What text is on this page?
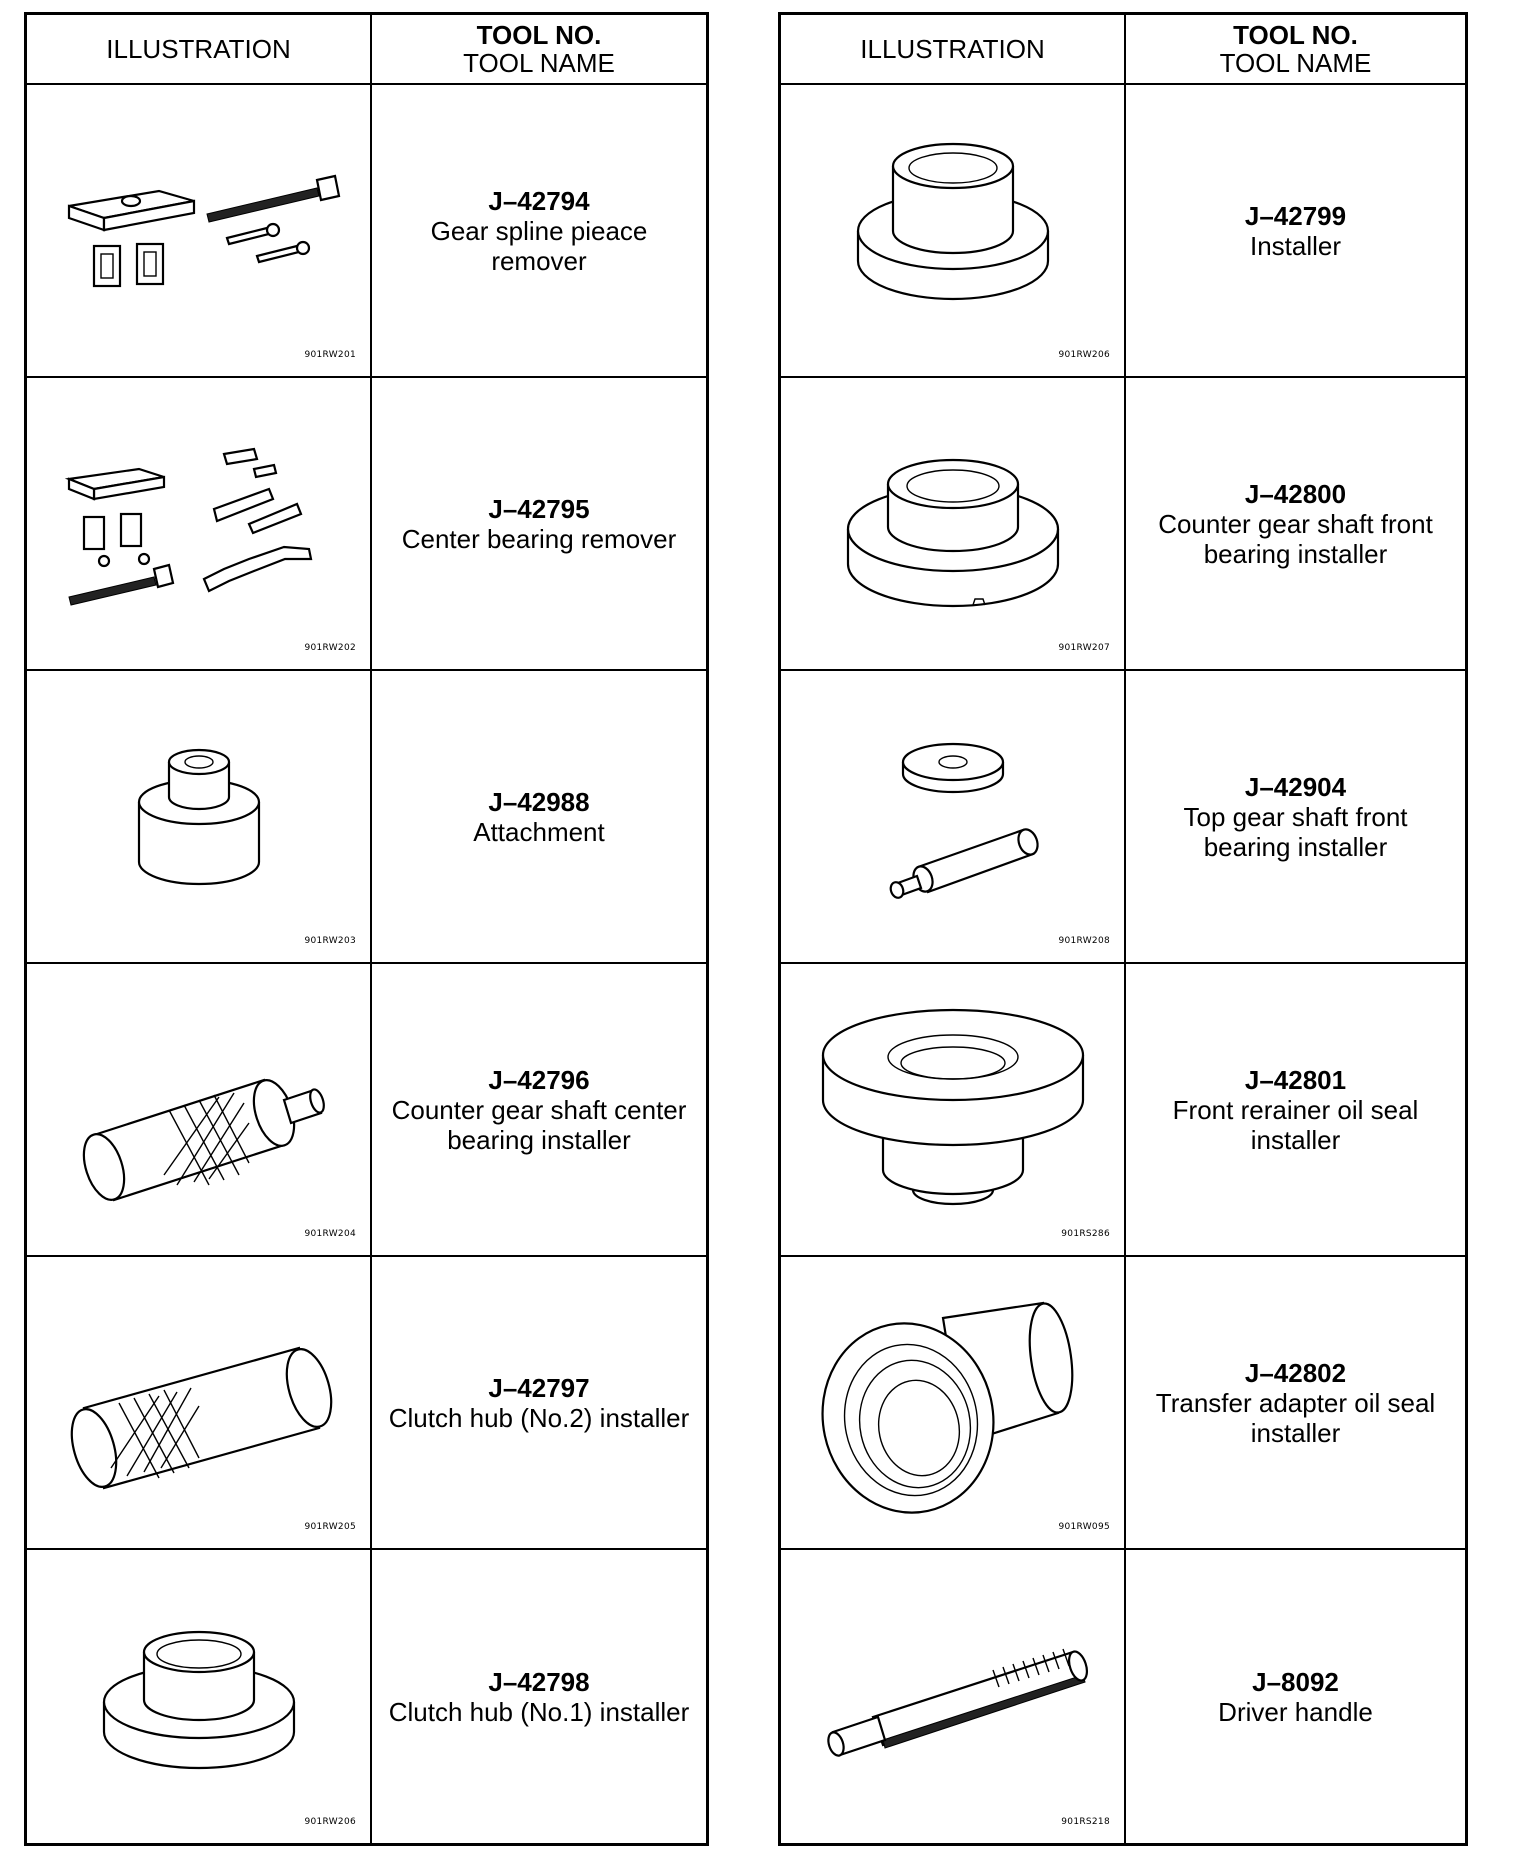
ILLUSTRATION	TOOL NO.
TOOL NAME
901RW201
J–42794
Gear spline pieace remover
901RW202
J–42795
Center bearing remover
901RW203
J–42988
Attachment
901RW204
J–42796
Counter gear shaft center bearing installer
901RW205
J–42797
Clutch hub (No.2) installer
901RW206
J–42798
Clutch hub (No.1) installer
ILLUSTRATION	TOOL NO.
TOOL NAME
901RW206
J–42799
Installer
901RW207
J–42800
Counter gear shaft front bearing installer
901RW208
J–42904
Top gear shaft front bearing installer
901RS286
J–42801
Front rerainer oil seal installer
901RW095
J–42802
Transfer adapter oil seal installer
901RS218
J–8092
Driver handle
